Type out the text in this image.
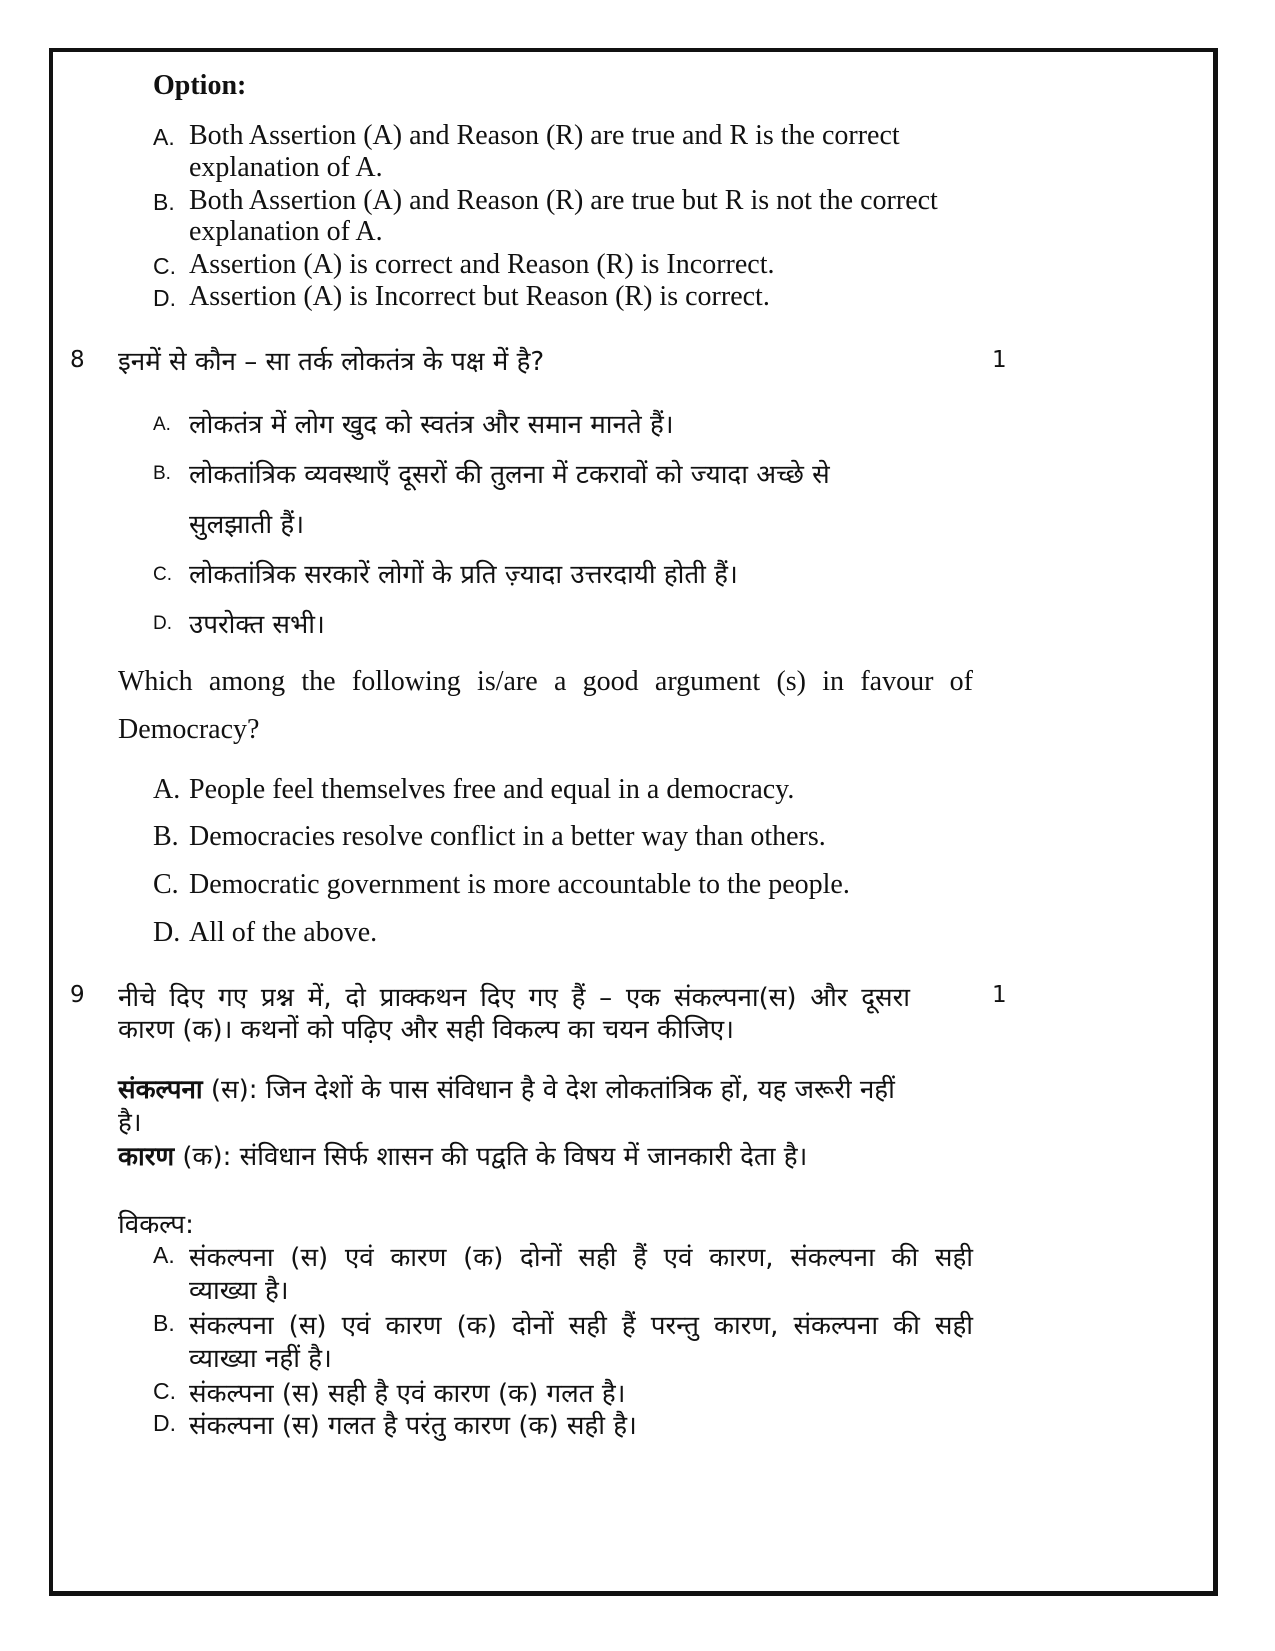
Option:
A. Both Assertion (A) and Reason (R) are true and R is the correct
explanation of A.
B. Both Assertion (A) and Reason (R) are true but R is not the correct
explanation of A.
C. Assertion (A) is correct and Reason (R) is Incorrect.
D. Assertion (A) is Incorrect but Reason (R) is correct.
8 इनमें से कौन – सा तर्क लोकतंत्र के पक्ष में है?	1
A. लोकतंत्र में लोग खुद को स्वतंत्र और समान मानते हैं।
B. लोकतांत्रिक व्यवस्थाएँ दूसरों की तुलना में टकरावों को ज्यादा अच्छे से
सुलझाती हैं।
C. लोकतांत्रिक सरकारें लोगों के प्रति ज़्यादा उत्तरदायी होती हैं।
D. उपरोक्त सभी।
Which among the following is/are a good argument (s) in favour of
Democracy?
A. People feel themselves free and equal in a democracy.
B. Democracies resolve conflict in a better way than others.
C. Democratic government is more accountable to the people.
D. All of the above.
9 नीचे दिए गए प्रश्न में, दो प्राक्कथन दिए गए हैं – एक संकल्पना(स) और दूसरा	1
कारण (क)। कथनों को पढ़िए और सही विकल्प का चयन कीजिए।
संकल्पना (स): जिन देशों के पास संविधान है वे देश लोकतांत्रिक हों, यह जरूरी नहीं
है।
कारण (क): संविधान सिर्फ शासन की पद्वति के विषय में जानकारी देता है।
विकल्प:
A. संकल्पना (स) एवं कारण (क) दोनों सही हैं एवं कारण, संकल्पना की सही
व्याख्या है।
B. संकल्पना (स) एवं कारण (क) दोनों सही हैं परन्तु कारण, संकल्पना की सही
व्याख्या नहीं है।
C. संकल्पना (स) सही है एवं कारण (क) गलत है।
D. संकल्पना (स) गलत है परंतु कारण (क) सही है।
